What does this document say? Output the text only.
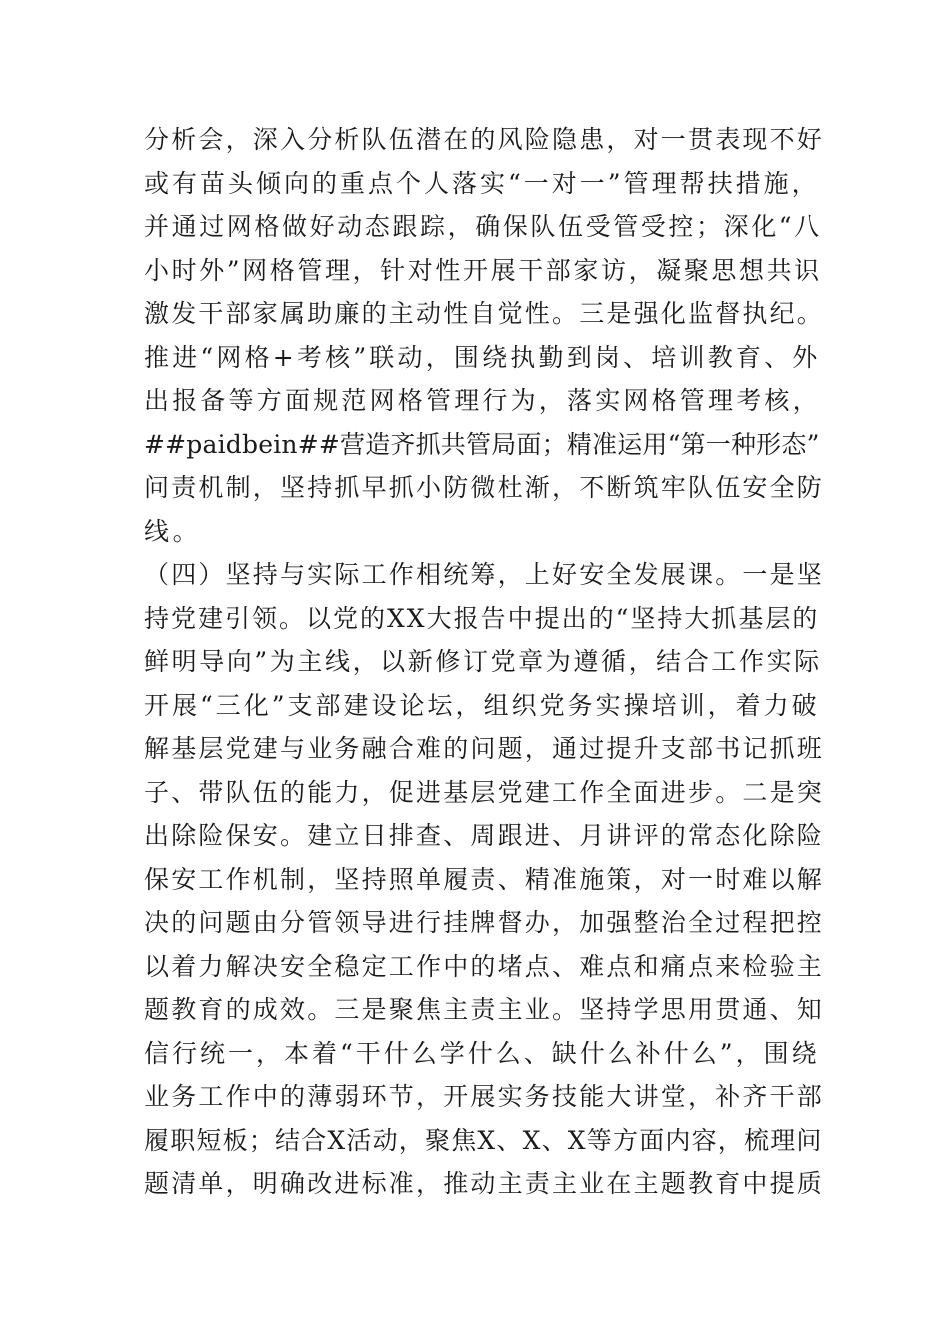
分析会，深入分析队伍潜在的风险隐患，对一贯表现不好
或有苗头倾向的重点个人落实“一对一”管理帮扶措施，
并通过网格做好动态跟踪，确保队伍受管受控；深化“八
小时外”网格管理，针对性开展干部家访，凝聚思想共识
激发干部家属助廉的主动性自觉性。三是强化监督执纪。
推进“网格+考核”联动，围绕执勤到岗、培训教育、外
出报备等方面规范网格管理行为，落实网格管理考核，
##paidbein##营造齐抓共管局面；精准运用“第一种形态”
问责机制，坚持抓早抓小防微杜渐，不断筑牢队伍安全防
线。
（四）坚持与实际工作相统筹，上好安全发展课。一是坚
持党建引领。以党的XX大报告中提出的“坚持大抓基层的
鲜明导向”为主线，以新修订党章为遵循，结合工作实际
开展“三化”支部建设论坛，组织党务实操培训，着力破
解基层党建与业务融合难的问题，通过提升支部书记抓班
子、带队伍的能力，促进基层党建工作全面进步。二是突
出除险保安。建立日排查、周跟进、月讲评的常态化除险
保安工作机制，坚持照单履责、精准施策，对一时难以解
决的问题由分管领导进行挂牌督办，加强整治全过程把控
以着力解决安全稳定工作中的堵点、难点和痛点来检验主
题教育的成效。三是聚焦主责主业。坚持学思用贯通、知
信行统一，本着“干什么学什么、缺什么补什么”，围绕
业务工作中的薄弱环节，开展实务技能大讲堂，补齐干部
履职短板；结合X活动，聚焦X、X、X等方面内容，梳理问
题清单，明确改进标准，推动主责主业在主题教育中提质
